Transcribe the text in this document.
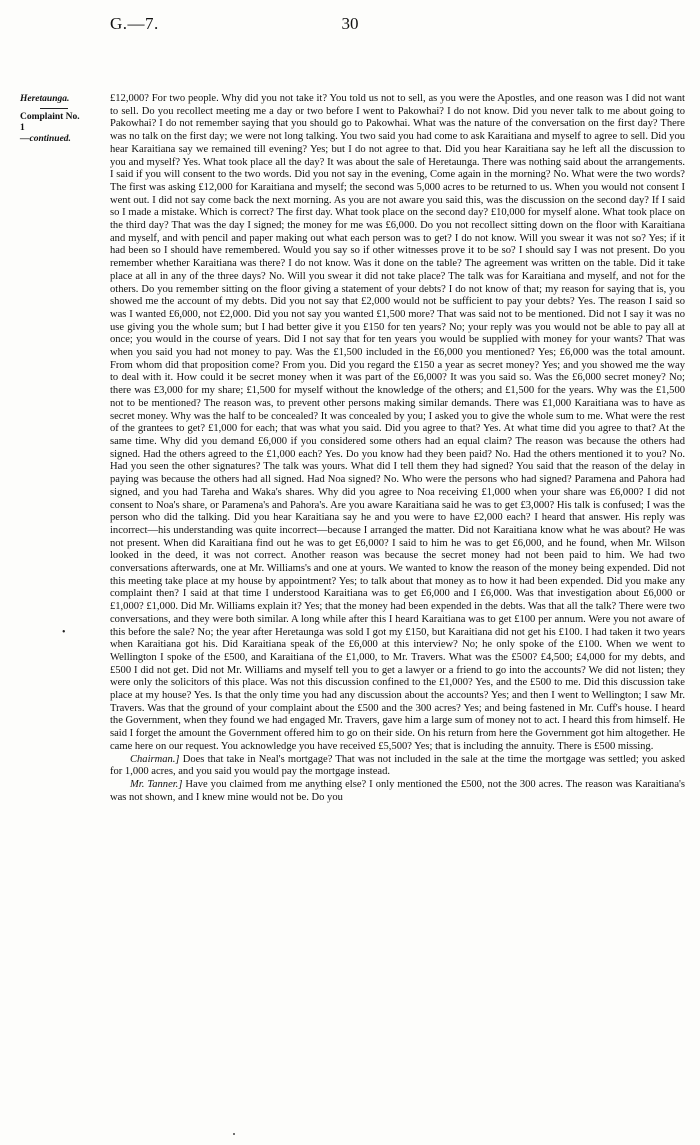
G.—7.	30
Heretaunga.
Complaint No. 1
—continued.
•

£12,000? For two people. Why did you not take it? You told us not to sell, as you were the Apostles, and one reason was I did not want to sell. Do you recollect meeting me a day or two before I went to Pakowhai? I do not know. Did you never talk to me about going to Pakowhai? I do not remember saying that you should go to Pakowhai. What was the nature of the conversation on the first day? There was no talk on the first day; we were not long talking. You two said you had come to ask Karaitiana and myself to agree to sell. Did you hear Karaitiana say we remained till evening? Yes; but I do not agree to that. Did you hear Karaitiana say he left all the discussion to you and myself? Yes. What took place all the day? It was about the sale of Heretaunga. There was nothing said about the arrangements. I said if you will consent to the two words. Did you not say in the evening, Come again in the morning? No. What were the two words? The first was asking £12,000 for Karaitiana and myself; the second was 5,000 acres to be returned to us. When you would not consent I went out. I did not say come back the next morning. As you are not aware you said this, was the discussion on the second day? If I said so I made a mistake. Which is correct? The first day. What took place on the second day? £10,000 for myself alone. What took place on the third day? That was the day I signed; the money for me was £6,000. Do you not recollect sitting down on the floor with Karaitiana and myself, and with pencil and paper making out what each person was to get? I do not know. Will you swear it was not so? Yes; if it had been so I should have remembered. Would you say so if other witnesses prove it to be so? I should say I was not present. Do you remember whether Karaitiana was there? I do not know. Was it done on the table? The agreement was written on the table. Did it take place at all in any of the three days? No. Will you swear it did not take place? The talk was for Karaitiana and myself, and not for the others. Do you remember sitting on the floor giving a statement of your debts? I do not know of that; my reason for saying that is, you showed me the account of my debts. Did you not say that £2,000 would not be sufficient to pay your debts? Yes. The reason I said so was I wanted £6,000, not £2,000. Did you not say you wanted £1,500 more? That was said not to be mentioned. Did not I say it was no use giving you the whole sum; but I had better give it you £150 for ten years? No; your reply was you would not be able to pay all at once; you would in the course of years. Did I not say that for ten years you would be supplied with money for your wants? That was when you said you had not money to pay. Was the £1,500 included in the £6,000 you mentioned? Yes; £6,000 was the total amount. From whom did that proposition come? From you. Did you regard the £150 a year as secret money? Yes; and you showed me the way to deal with it. How could it be secret money when it was part of the £6,000? It was you said so. Was the £6,000 secret money? No; there was £3,000 for my share; £1,500 for myself without the knowledge of the others; and £1,500 for the years. Why was the £1,500 not to be mentioned? The reason was, to prevent other persons making similar demands. There was £1,000 Karaitiana was to have as secret money. Why was the half to be concealed? It was concealed by you; I asked you to give the whole sum to me. What were the rest of the grantees to get? £1,000 for each; that was what you said. Did you agree to that? Yes. At what time did you agree to that? At the same time. Why did you demand £6,000 if you considered some others had an equal claim? The reason was because the others had signed. Had the others agreed to the £1,000 each? Yes. Do you know had they been paid? No. Had the others mentioned it to you? No. Had you seen the other signatures? The talk was yours. What did I tell them they had signed? You said that the reason of the delay in paying was because the others had all signed. Had Noa signed? No. Who were the persons who had signed? Paramena and Pahora had signed, and you had Tareha and Waka's shares. Why did you agree to Noa receiving £1,000 when your share was £6,000? I did not consent to Noa's share, or Paramena's and Pahora's. Are you aware Karaitiana said he was to get £3,000? His talk is confused; I was the person who did the talking. Did you hear Karaitiana say he and you were to have £2,000 each? I heard that answer. His reply was incorrect—his understanding was quite incorrect—because I arranged the matter. Did not Karaitiana know what he was about? He was not present. When did Karaitiana find out he was to get £6,000? I said to him he was to get £6,000, and he found, when Mr. Wilson looked in the deed, it was not correct. Another reason was because the secret money had not been paid to him. We had two conversations afterwards, one at Mr. Williams's and one at yours. We wanted to know the reason of the money being expended. Did not this meeting take place at my house by appointment? Yes; to talk about that money as to how it had been expended. Did you make any complaint then? I said at that time I understood Karaitiana was to get £6,000 and I £6,000. Was that investigation about £6,000 or £1,000? £1,000. Did Mr. Williams explain it? Yes; that the money had been expended in the debts. Was that all the talk? There were two conversations, and they were both similar. A long while after this I heard Karaitiana was to get £100 per annum. Were you not aware of this before the sale? No; the year after Heretaunga was sold I got my £150, but Karaitiana did not get his £100. I had taken it two years when Karaitiana got his. Did Karaitiana speak of the £6,000 at this interview? No; he only spoke of the £100. When we went to Wellington I spoke of the £500, and Karaitiana of the £1,000, to Mr. Travers. What was the £500? £4,500; £4,000 for my debts, and £500 I did not get. Did not Mr. Williams and myself tell you to get a lawyer or a friend to go into the accounts? We did not listen; they were only the solicitors of this place. Was not this discussion confined to the £1,000? Yes, and the £500 to me. Did this discussion take place at my house? Yes. Is that the only time you had any discussion about the accounts? Yes; and then I went to Wellington; I saw Mr. Travers. Was that the ground of your complaint about the £500 and the 300 acres? Yes; and being fastened in Mr. Cuff's house. I heard the Government, when they found we had engaged Mr. Travers, gave him a large sum of money not to act. I heard this from himself. He said I forget the amount the Government offered him to go on their side. On his return from here the Government got him altogether. He came here on our request. You acknowledge you have received £5,500? Yes; that is including the annuity. There is £500 missing.

Chairman.] Does that take in Neal's mortgage? That was not included in the sale at the time the mortgage was settled; you asked for 1,000 acres, and you said you would pay the mortgage instead.

Mr. Tanner.] Have you claimed from me anything else? I only mentioned the £500, not the 300 acres. The reason was Karaitiana's was not shown, and I knew mine would not be. Do you
